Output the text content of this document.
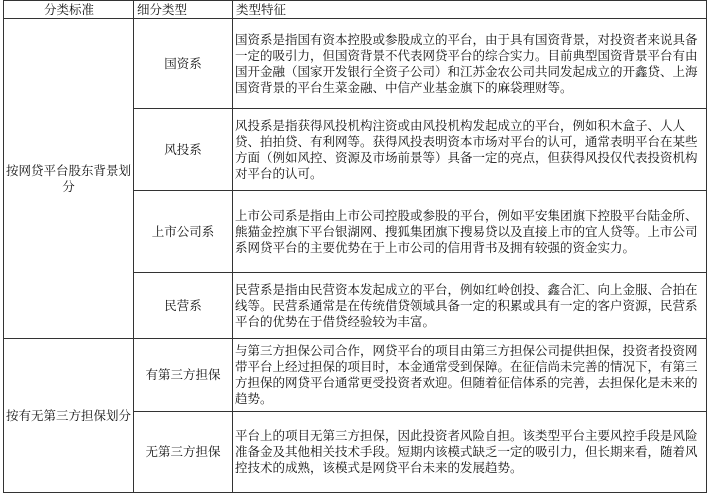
分类标准	细分类型	类型特征
按网贷平台股东背景划分	国资系	国资系是指国有资本控股或参股成立的平台，由于具有国资背景，对投资者来说具备一定的吸引力，但国资背景不代表网贷平台的综合实力。目前典型国资背景平台有由国开金融（国家开发银行全资子公司）和江苏金农公司共同发起成立的开鑫贷、上海国资背景的平台生菜金融、中信产业基金旗下的麻袋理财等。
	风投系	风投系是指获得风投机构注资或由风投机构发起成立的平台，例如积木盒子、人人贷、拍拍贷、有利网等。获得风投表明资本市场对平台的认可，通常表明平台在某些方面（例如风控、资源及市场前景等）具备一定的亮点，但获得风投仅代表投资机构对平台的认可。
	上市公司系	上市公司系是指由上市公司控股或参股的平台，例如平安集团旗下控股平台陆金所、熊猫金控旗下平台银湖网、搜狐集团旗下搜易贷以及直接上市的宜人贷等。上市公司系网贷平台的主要优势在于上市公司的信用背书及拥有较强的资金实力。
	民营系	民营系是指由民营资本发起成立的平台，例如红岭创投、鑫合汇、向上金服、合拍在线等。民营系通常是在传统借贷领域具备一定的积累或具有一定的客户资源，民营系平台的优势在于借贷经验较为丰富。
按有无第三方担保划分	有第三方担保	与第三方担保公司合作，网贷平台的项目由第三方担保公司提供担保，投资者投资网带平台上经过担保的项目时，本金通常受到保障。在征信尚未完善的情况下，有第三方担保的网贷平台通常更受投资者欢迎。但随着征信体系的完善，去担保化是未来的趋势。
	无第三方担保	平台上的项目无第三方担保，因此投资者风险自担。该类型平台主要风控手段是风险准备金及其他相关技术手段。短期内该模式缺乏一定的吸引力，但长期来看，随着风控技术的成熟，该模式是网贷平台未来的发展趋势。
